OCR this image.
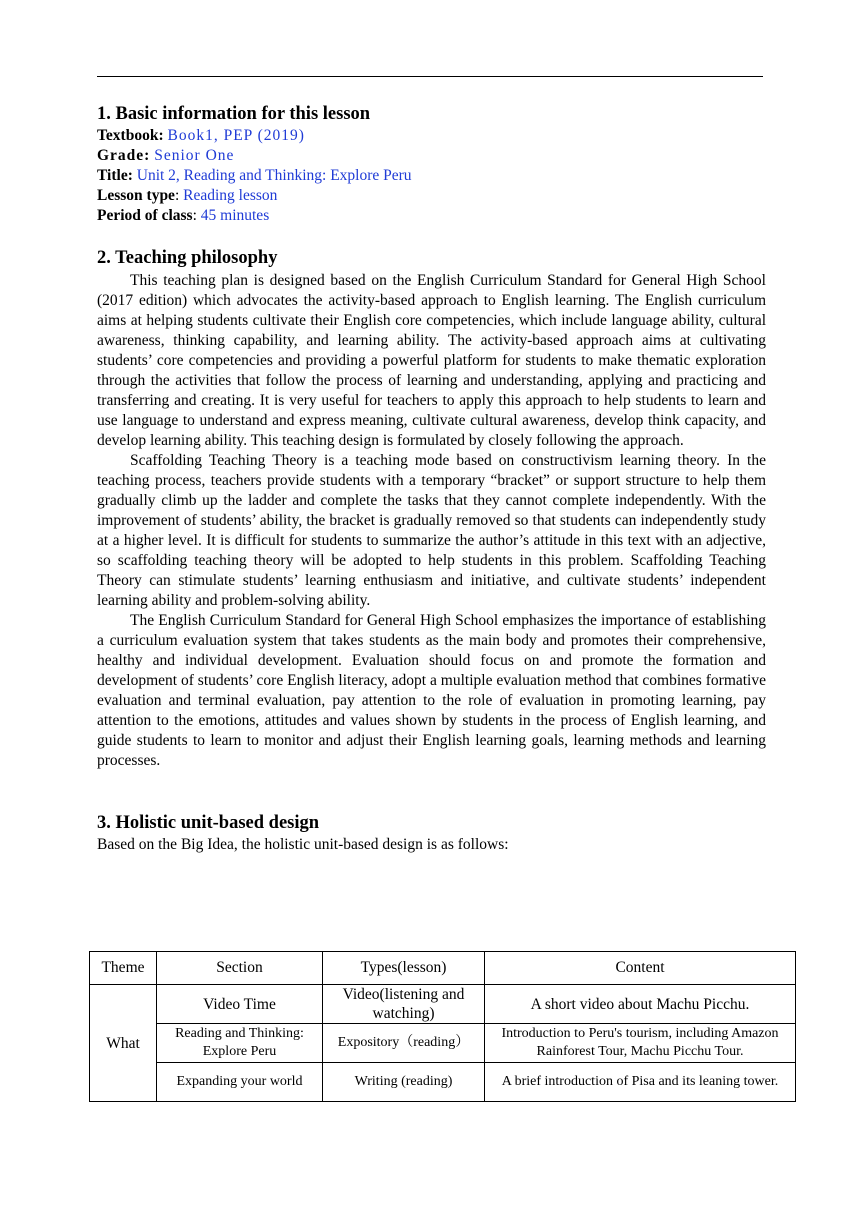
1. Basic information for this lesson
Textbook: Book1, PEP (2019)
Grade: Senior One
Title: Unit 2, Reading and Thinking: Explore Peru
Lesson type: Reading lesson
Period of class: 45 minutes
2. Teaching philosophy

This teaching plan is designed based on the English Curriculum Standard for General High School (2017 edition) which advocates the activity-based approach to English learning. The English curriculum aims at helping students cultivate their English core competencies, which include language ability, cultural awareness, thinking capability, and learning ability. The activity-based approach aims at cultivating students’ core competencies and providing a powerful platform for students to make thematic exploration through the activities that follow the process of learning and understanding, applying and practicing and transferring and creating. It is very useful for teachers to apply this approach to help students to learn and use language to understand and express meaning, cultivate cultural awareness, develop think capacity, and develop learning ability. This teaching design is formulated by closely following the approach.

Scaffolding Teaching Theory is a teaching mode based on constructivism learning theory. In the teaching process, teachers provide students with a temporary “bracket” or support structure to help them gradually climb up the ladder and complete the tasks that they cannot complete independently. With the improvement of students’ ability, the bracket is gradually removed so that students can independently study at a higher level. It is difficult for students to summarize the author’s attitude in this text with an adjective, so scaffolding teaching theory will be adopted to help students in this problem. Scaffolding Teaching Theory can stimulate students’ learning enthusiasm and initiative, and cultivate students’ independent learning ability and problem-solving ability.

The English Curriculum Standard for General High School emphasizes the importance of establishing a curriculum evaluation system that takes students as the main body and promotes their comprehensive, healthy and individual development. Evaluation should focus on and promote the formation and development of students’ core English literacy, adopt a multiple evaluation method that combines formative evaluation and terminal evaluation, pay attention to the role of evaluation in promoting learning, pay attention to the emotions, attitudes and values shown by students in the process of English learning, and guide students to learn to monitor and adjust their English learning goals, learning methods and learning processes.

3. Holistic unit-based design
Based on the Big Idea, the holistic unit-based design is as follows:
Theme	Section	Types(lesson)	Content
What	Video Time	Video(listening and watching)	A short video about Machu Picchu.
	Reading and Thinking: Explore Peru	Expository（reading）	Introduction to Peru's tourism, including Amazon Rainforest Tour, Machu Picchu Tour.
	Expanding your world	Writing (reading)	A brief introduction of Pisa and its leaning tower.
